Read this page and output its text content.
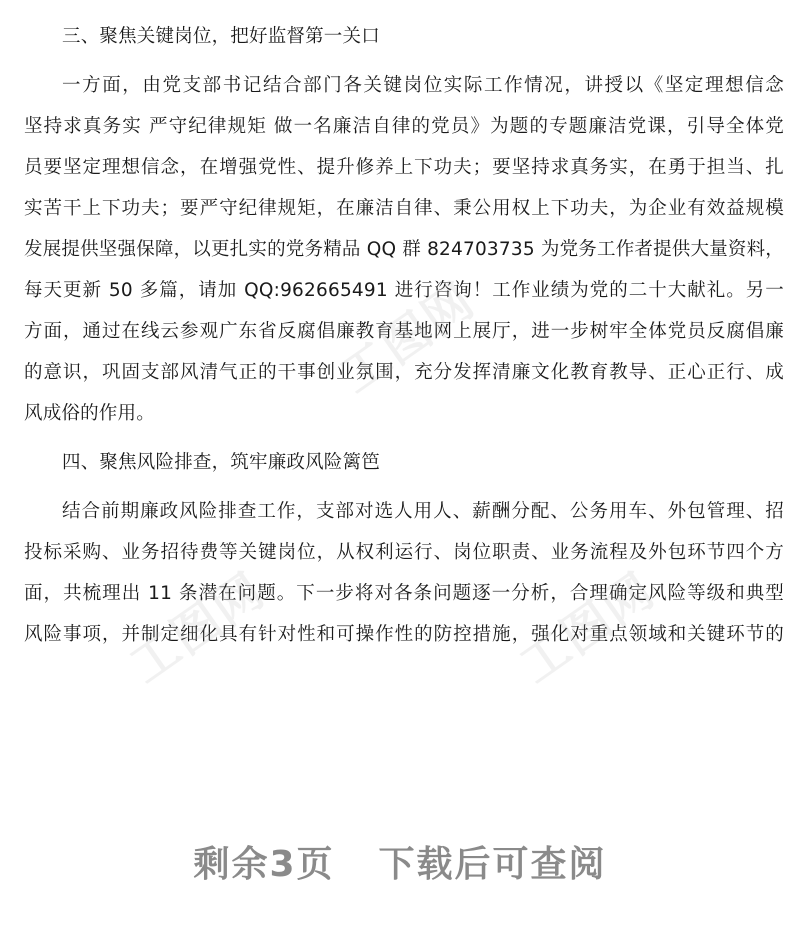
三、聚焦关键岗位，把好监督第一关口
一方面，由党支部书记结合部门各关键岗位实际工作情况，讲授以《坚定理想信念
坚持求真务实 严守纪律规矩 做一名廉洁自律的党员》为题的专题廉洁党课，引导全体党
员要坚定理想信念，在增强党性、提升修养上下功夫；要坚持求真务实，在勇于担当、扎
实苦干上下功夫；要严守纪律规矩，在廉洁自律、秉公用权上下功夫，为企业有效益规模
发展提供坚强保障，以更扎实的党务精品 QQ 群 824703735 为党务工作者提供大量资料，
每天更新 50 多篇，请加 QQ:962665491 进行咨询！工作业绩为党的二十大献礼。另一
方面，通过在线云参观广东省反腐倡廉教育基地网上展厅，进一步树牢全体党员反腐倡廉
的意识，巩固支部风清气正的干事创业氛围，充分发挥清廉文化教育教导、正心正行、成
风成俗的作用。
四、聚焦风险排查，筑牢廉政风险篱笆
结合前期廉政风险排查工作，支部对选人用人、薪酬分配、公务用车、外包管理、招
投标采购、业务招待费等关键岗位，从权利运行、岗位职责、业务流程及外包环节四个方
面，共梳理出 11 条潜在问题。下一步将对各条问题逐一分析，合理确定风险等级和典型
风险事项，并制定细化具有针对性和可操作性的防控措施，强化对重点领域和关键环节的
工图网
工图网	工图网
剩余3页 下载后可查阅
